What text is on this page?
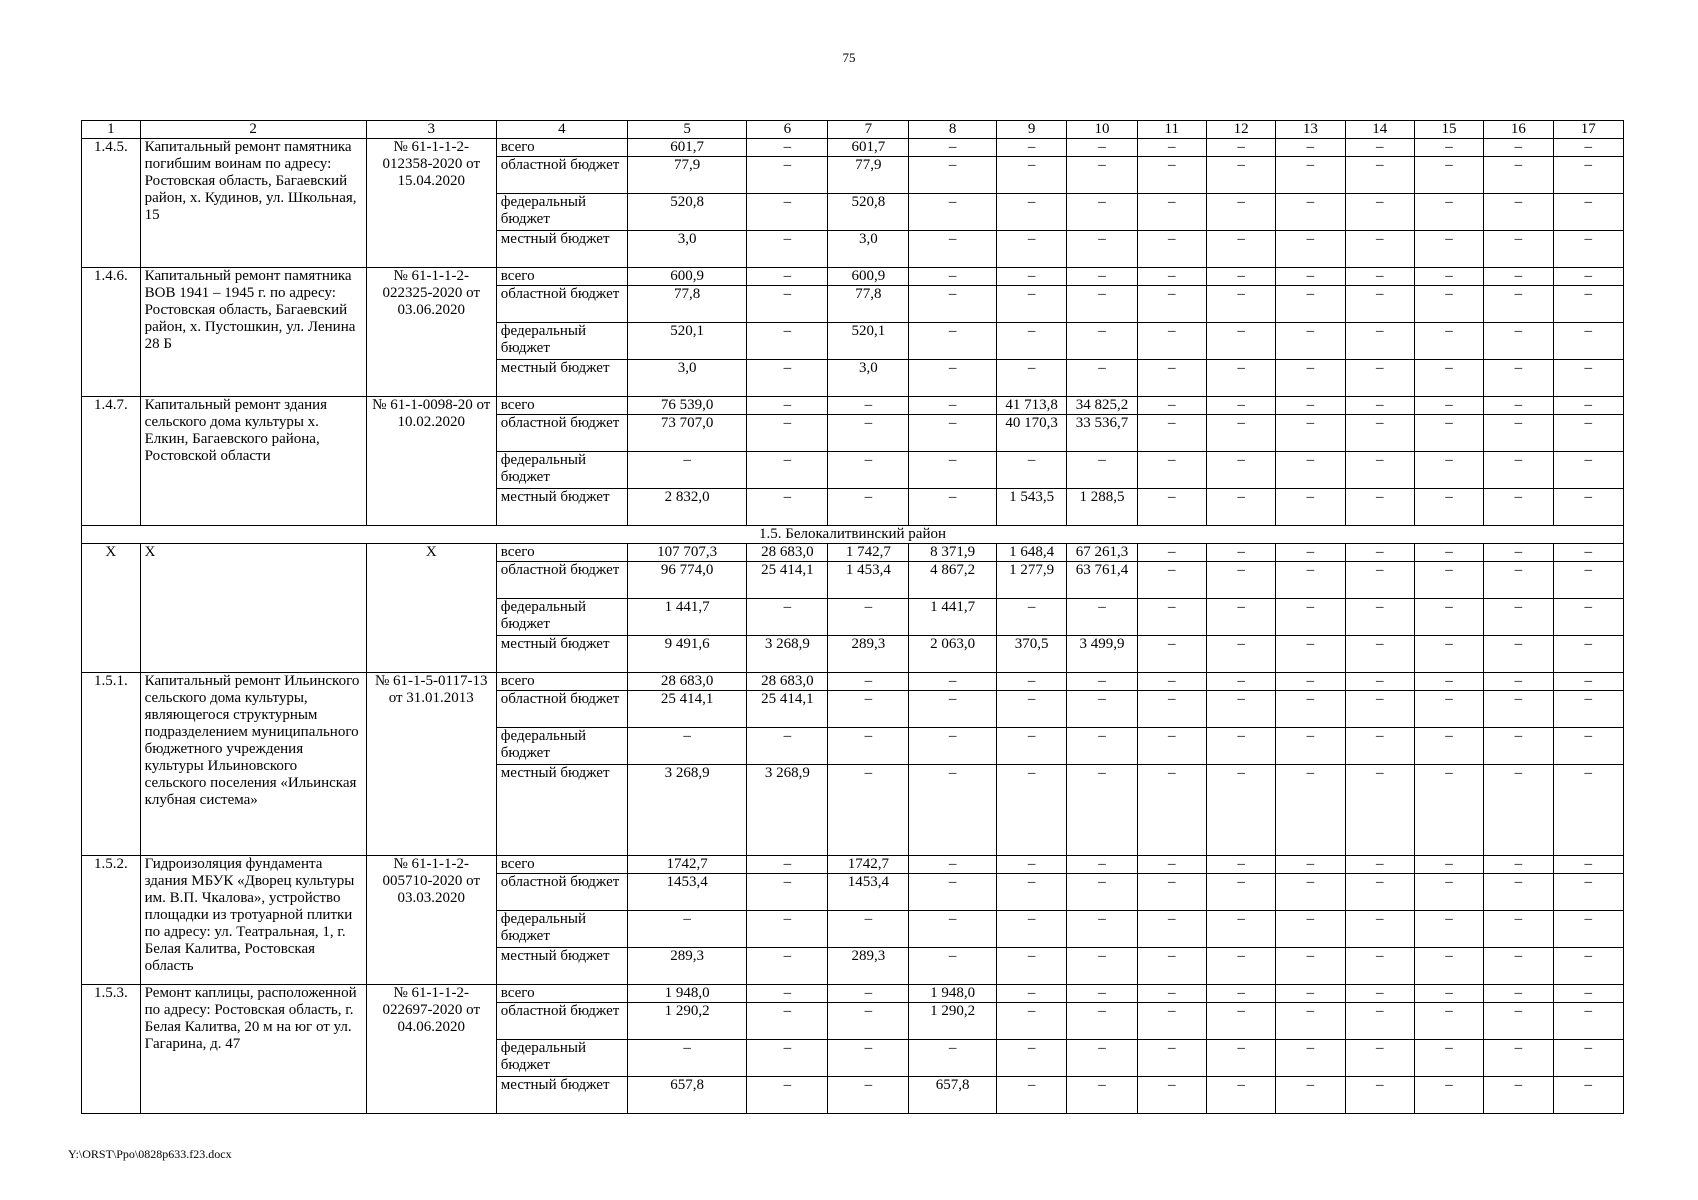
75
1	2	3	4	5	6	7	8	9	10	11	12	13	14	15	16	17
1.4.5.	Капитальный ремонт памятника погибшим воинам по адресу: Ростовская область, Багаевский район, х. Кудинов, ул. Школьная, 15	№ 61-1-1-2-012358-2020 от 15.04.2020	всего	601,7	–	601,7	–	–	–	–	–	–	–	–	–	–
			областной бюджет	77,9	–	77,9	–	–	–	–	–	–	–	–	–	–
			федеральный бюджет	520,8	–	520,8	–	–	–	–	–	–	–	–	–	–
			местный бюджет	3,0	–	3,0	–	–	–	–	–	–	–	–	–	–
1.4.6.	Капитальный ремонт памятника ВОВ 1941 – 1945 г. по адресу: Ростовская область, Багаевский район, х. Пустошкин, ул. Ленина 28 Б	№ 61-1-1-2-022325-2020 от 03.06.2020	всего	600,9	–	600,9	–	–	–	–	–	–	–	–	–	–
			областной бюджет	77,8	–	77,8	–	–	–	–	–	–	–	–	–	–
			федеральный бюджет	520,1	–	520,1	–	–	–	–	–	–	–	–	–	–
			местный бюджет	3,0	–	3,0	–	–	–	–	–	–	–	–	–	–
1.4.7.	Капитальный ремонт здания сельского дома культуры х. Елкин, Багаевского района, Ростовской области	№ 61-1-0098-20 от 10.02.2020	всего	76 539,0	–	–	–	41 713,8	34 825,2	–	–	–	–	–	–	–
			областной бюджет	73 707,0	–	–	–	40 170,3	33 536,7	–	–	–	–	–	–	–
			федеральный бюджет	–	–	–	–	–	–	–	–	–	–	–	–	–
			местный бюджет	2 832,0	–	–	–	1 543,5	1 288,5	–	–	–	–	–	–	–
1.5. Белокалитвинский район																
Х	Х	Х	всего	107 707,3	28 683,0	1 742,7	8 371,9	1 648,4	67 261,3	–	–	–	–	–	–	–
			областной бюджет	96 774,0	25 414,1	1 453,4	4 867,2	1 277,9	63 761,4	–	–	–	–	–	–	–
			федеральный бюджет	1 441,7	–	–	1 441,7	–	–	–	–	–	–	–	–	–
			местный бюджет	9 491,6	3 268,9	289,3	2 063,0	370,5	3 499,9	–	–	–	–	–	–	–
1.5.1.	Капитальный ремонт Ильинского сельского дома культуры, являющегося структурным подразделением муниципального бюджетного учреждения культуры Ильиновского сельского поселения «Ильинская клубная система»	№ 61-1-5-0117-13 от 31.01.2013	всего	28 683,0	28 683,0	–	–	–	–	–	–	–	–	–	–	–
			областной бюджет	25 414,1	25 414,1	–	–	–	–	–	–	–	–	–	–	–
			федеральный бюджет	–	–	–	–	–	–	–	–	–	–	–	–	–
			местный бюджет	3 268,9	3 268,9	–	–	–	–	–	–	–	–	–	–	–
1.5.2.	Гидроизоляция фундамента здания МБУК «Дворец культуры им. В.П. Чкалова», устройство площадки из тротуарной плитки по адресу: ул. Театральная, 1, г. Белая Калитва, Ростовская область	№ 61-1-1-2-005710-2020 от 03.03.2020	всего	1742,7	–	1742,7	–	–	–	–	–	–	–	–	–	–
			областной бюджет	1453,4	–	1453,4	–	–	–	–	–	–	–	–	–	–
			федеральный бюджет	–	–	–	–	–	–	–	–	–	–	–	–	–
			местный бюджет	289,3	–	289,3	–	–	–	–	–	–	–	–	–	–
1.5.3.	Ремонт каплицы, расположенной по адресу: Ростовская область, г. Белая Калитва, 20 м на юг от ул. Гагарина, д. 47	№ 61-1-1-2-022697-2020 от 04.06.2020	всего	1 948,0	–	–	1 948,0	–	–	–	–	–	–	–	–	–
			областной бюджет	1 290,2	–	–	1 290,2	–	–	–	–	–	–	–	–	–
			федеральный бюджет	–	–	–	–	–	–	–	–	–	–	–	–	–
			местный бюджет	657,8	–	–	657,8	–	–	–	–	–	–	–	–	–
Y:\ORST\Ppo\0828p633.f23.docx
